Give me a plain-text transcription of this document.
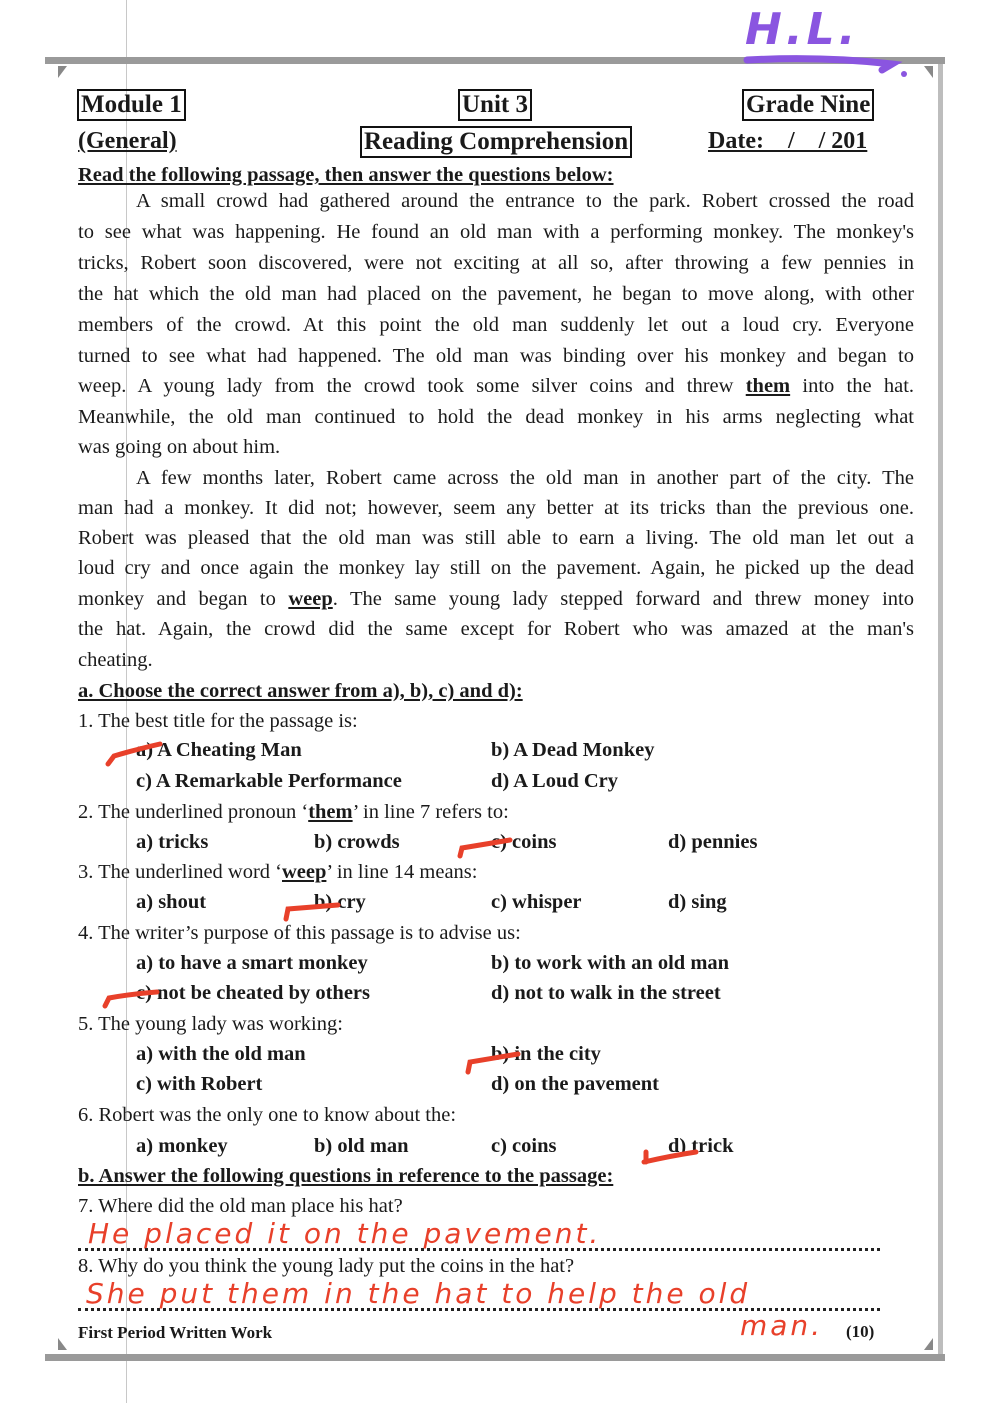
H.L.
Module 1	Unit 3	Grade Nine
(General)	Reading Comprehension	Date:    /    / 201
Read the following passage, then answer the questions below:
A small crowd had gathered around the entrance to the park. Robert crossed the road
to see what was happening. He found an old man with a performing monkey. The monkey's
tricks, Robert soon discovered, were not exciting at all so, after throwing a few pennies in
the hat which the old man had placed on the pavement, he began to move along, with other
members of the crowd. At this point the old man suddenly let out a loud cry. Everyone
turned to see what had happened. The old man was binding over his monkey and began to
weep. A young lady from the crowd took some silver coins and threw them into the hat.
Meanwhile, the old man continued to hold the dead monkey in his arms neglecting what
was going on about him.
A few months later, Robert came across the old man in another part of the city. The
man had a monkey. It did not; however, seem any better at its tricks than the previous one.
Robert was pleased that the old man was still able to earn a living. The old man let out a
loud cry and once again the monkey lay still on the pavement. Again, he picked up the dead
monkey and began to weep. The same young lady stepped forward and threw money into
the hat. Again, the crowd did the same except for Robert who was amazed at the man's
cheating.
a. Choose the correct answer from a), b), c) and d):
1. The best title for the passage is:
a) A Cheating Man	b) A Dead Monkey
c) A Remarkable Performance	d) A Loud Cry
2. The underlined pronoun ‘them’ in line 7 refers to:
a) tricks	b) crowds	c) coins	d) pennies
3. The underlined word ‘weep’ in line 14 means:
a) shout	b) cry	c) whisper	d) sing
4. The writer’s purpose of this passage is to advise us:
a) to have a smart monkey	b) to work with an old man
c) not be cheated by others	d) not to walk in the street
5. The young lady was working:
a) with the old man	b) in the city
c) with Robert	d) on the pavement
6. Robert was the only one to know about the:
a) monkey	b) old man	c) coins	d) trick
b. Answer the following questions in reference to the passage:
7. Where did the old man place his hat?
He placed it on the pavement.
8. Why do you think the young lady put the coins in the hat?
She put them in the hat to help the old
man.
First Period Written Work	(10)
